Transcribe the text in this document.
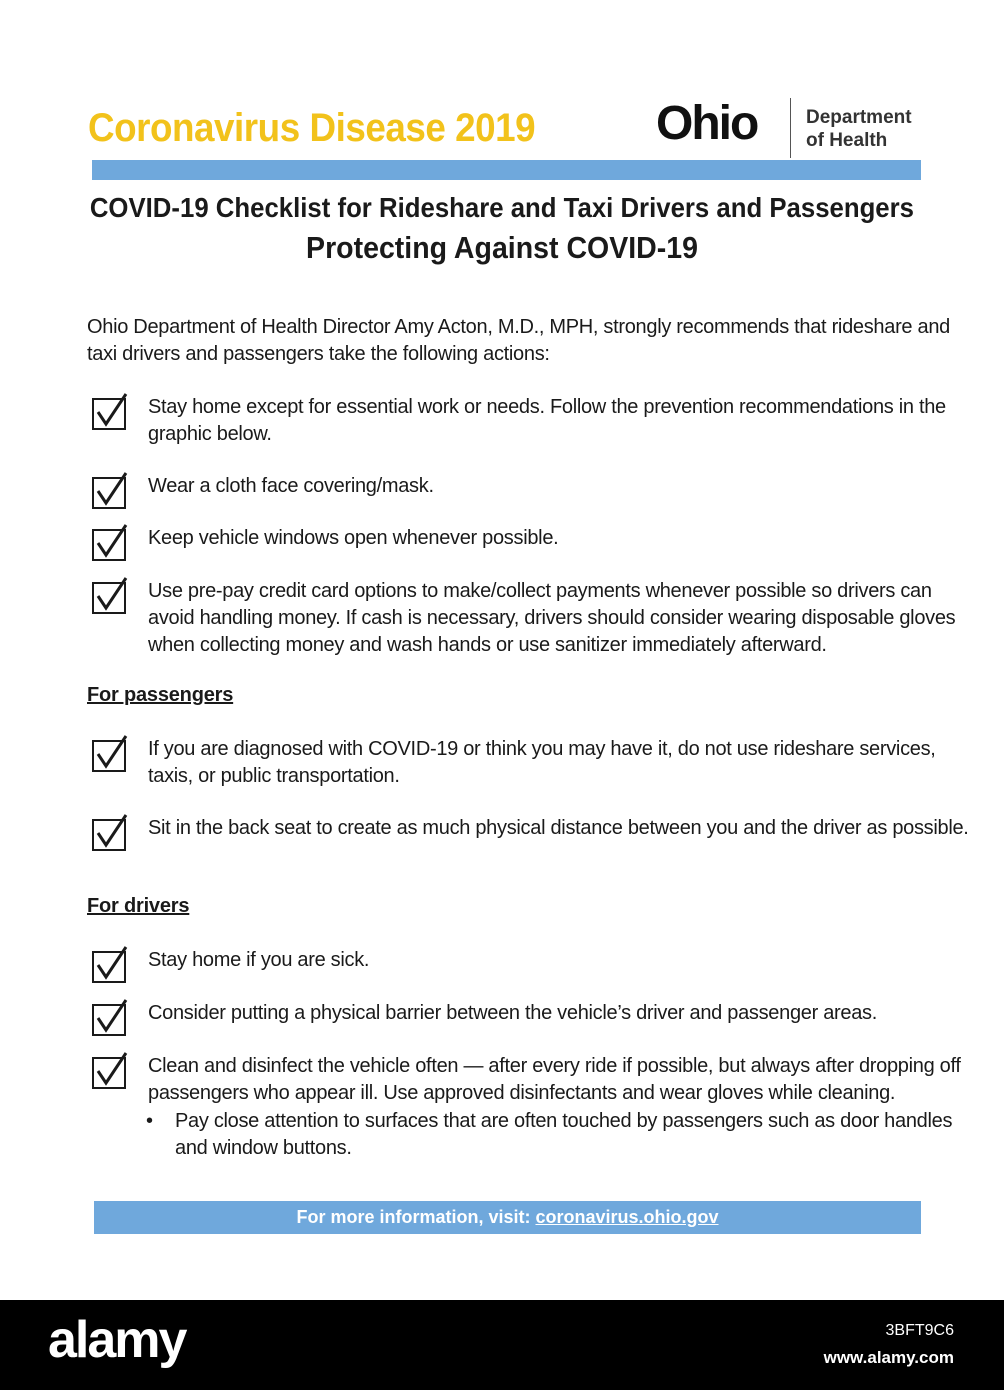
Coronavirus Disease 2019	Ohio	Department
of Health
COVID-19 Checklist for Rideshare and Taxi Drivers and Passengers
Protecting Against COVID-19
Ohio Department of Health Director Amy Acton, M.D., MPH, strongly recommends that rideshare and taxi drivers and passengers take the following actions:
Stay home except for essential work or needs. Follow the prevention recommendations in the graphic below.
Wear a cloth face covering/mask.
Keep vehicle windows open whenever possible.
Use pre-pay credit card options to make/collect payments whenever possible so drivers can avoid handling money. If cash is necessary, drivers should consider wearing disposable gloves when collecting money and wash hands or use sanitizer immediately afterward.
For passengers
If you are diagnosed with COVID-19 or think you may have it, do not use rideshare services, taxis, or public transportation.
Sit in the back seat to create as much physical distance between you and the driver as possible.
For drivers
Stay home if you are sick.
Consider putting a physical barrier between the vehicle’s driver and passenger areas.
Clean and disinfect the vehicle often — after every ride if possible, but always after dropping off passengers who appear ill. Use approved disinfectants and wear gloves while cleaning.
• Pay close attention to surfaces that are often touched by passengers such as door handles and window buttons.
For more information, visit: coronavirus.ohio.gov
alamy	3BFT9C6
www.alamy.com
